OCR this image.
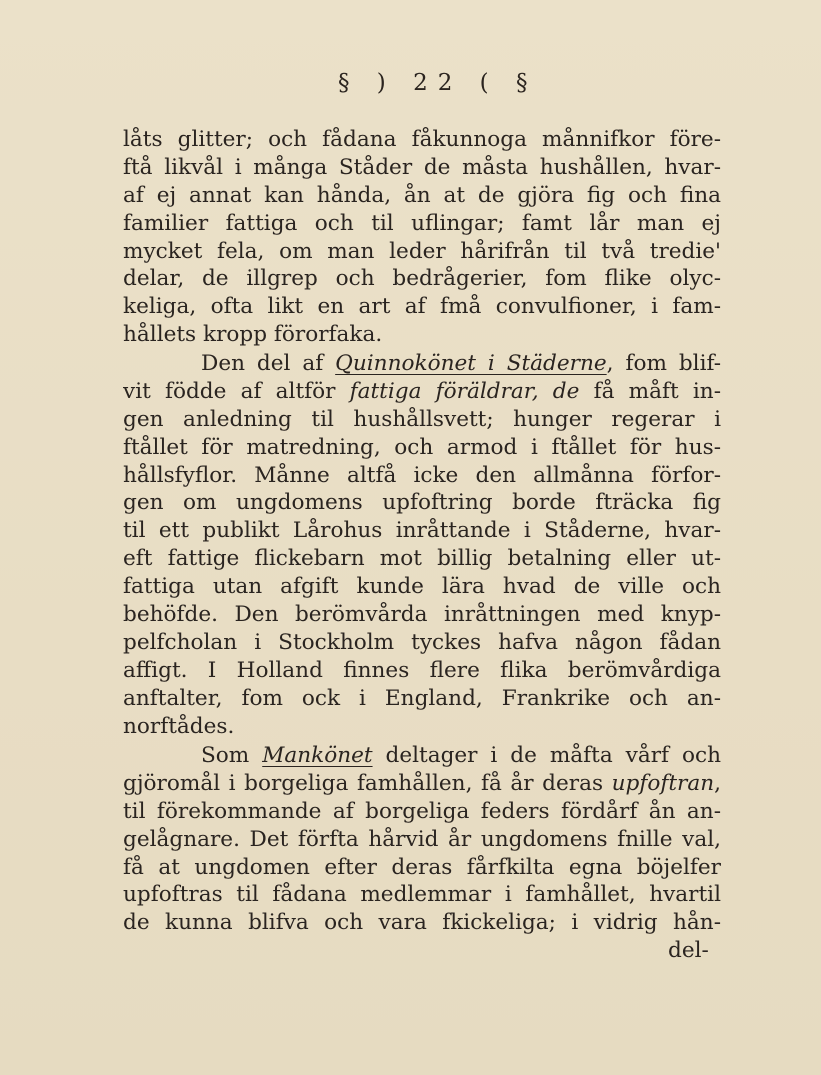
§ ) 22 ( §
låts glitter; och fådana fåkunnoga månnifkor före-
ftå likvål i många Ståder de måsta hushållen, hvar-
af ej annat kan hånda, ån at de gjöra fig och fina
familier fattiga och til uflingar; famt lår man ej
mycket fela, om man leder hårifrån til två tredie'
delar, de illgrep och bedrågerier, fom flike olyc-
keliga, ofta likt en art af fmå convulfioner, i fam-
hållets kropp förorfaka.
Den del af Quinnokönet i Städerne, fom blif-
vit födde af altför fattiga föräldrar, de få måft in-
gen anledning til hushållsvett; hunger regerar i
ftållet för matredning, och armod i ftållet för hus-
hållsfyflor. Månne altfå icke den allmånna förfor-
gen om ungdomens upfoftring borde fträcka fig
til ett publikt Lårohus inråttande i Ståderne, hvar-
eft fattige flickebarn mot billig betalning eller ut-
fattiga utan afgift kunde lära hvad de ville och
behöfde. Den berömvårda inråttningen med knyp-
pelfcholan i Stockholm tyckes hafva någon fådan
affigt. I Holland finnes flere flika berömvårdiga
anftalter, fom ock i England, Frankrike och an-
norftådes.
Som Mankönet deltager i de måfta vårf och
gjöromål i borgeliga famhållen, få år deras upfoftran,
til förekommande af borgeliga feders fördårf ån an-
gelågnare. Det förfta hårvid år ungdomens fnille val,
få at ungdomen efter deras fårfkilta egna böjelfer
upfoftras til fådana medlemmar i famhållet, hvartil
de kunna blifva och vara fkickeliga; i vidrig hån-
del-
